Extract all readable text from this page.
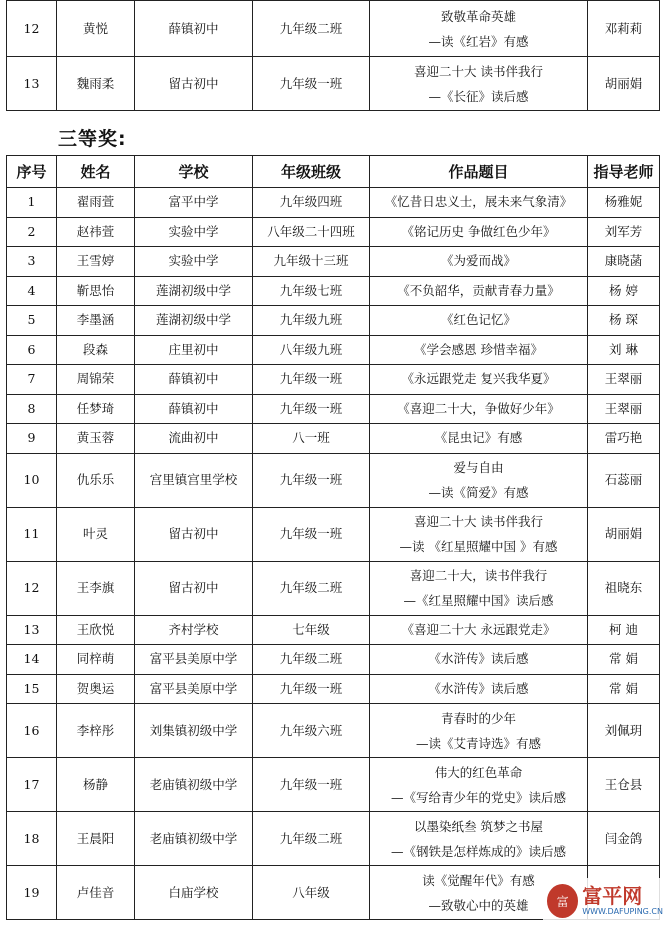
12	黄悦	薛镇初中	九年级二班	致敬革命英雄
—读《红岩》有感	邓莉莉
13	魏雨柔	留古初中	九年级一班	喜迎二十大 读书伴我行
—《长征》读后感	胡丽娟
三等奖:
序号	姓名	学校	年级班级	作品题目	指导老师
1	翟雨萱	富平中学	九年级四班	《忆昔日忠义士，展未来气象清》	杨雅妮
2	赵祎萱	实验中学	八年级二十四班	《铭记历史 争做红色少年》	刘军芳
3	王雪婷	实验中学	九年级十三班	《为爱而战》	康晓菡
4	靳思怡	莲湖初级中学	九年级七班	《不负韶华，贡献青春力量》	杨 婷
5	李墨涵	莲湖初级中学	九年级九班	《红色记忆》	杨 琛
6	段森	庄里初中	八年级九班	《学会感恩 珍惜幸福》	刘 琳
7	周锦荣	薛镇初中	九年级一班	《永远跟党走 复兴我华夏》	王翠丽
8	任梦琦	薛镇初中	九年级一班	《喜迎二十大，争做好少年》	王翠丽
9	黄玉蓉	流曲初中	八一班	《昆虫记》有感	雷巧艳
10	仇乐乐	宫里镇宫里学校	九年级一班	爱与自由
—读《简爱》有感	石蕊丽
11	叶灵	留古初中	九年级一班	喜迎二十大 读书伴我行
—读 《红星照耀中国 》有感	胡丽娟
12	王李旗	留古初中	九年级二班	喜迎二十大，读书伴我行
—《红星照耀中国》读后感	祖晓东
13	王欣悦	齐村学校	七年级	《喜迎二十大 永远跟党走》	柯 迪
14	同梓萌	富平县美原中学	九年级二班	《水浒传》读后感	常 娟
15	贺奥运	富平县美原中学	九年级一班	《水浒传》读后感	常 娟
16	李梓彤	刘集镇初级中学	九年级六班	青春时的少年
—读《艾青诗选》有感	刘佩玥
17	杨静	老庙镇初级中学	九年级一班	伟大的红色革命
—《写给青少年的党史》读后感	王仓县
18	王晨阳	老庙镇初级中学	九年级二班	以墨染纸叁 筑梦之书屋
—《钢铁是怎样炼成的》读后感	闫金鸽
19	卢佳音	白庙学校	八年级	读《觉醒年代》有感
—致敬心中的英雄	
		富 富平网
WWW.DAFUPING.CN
